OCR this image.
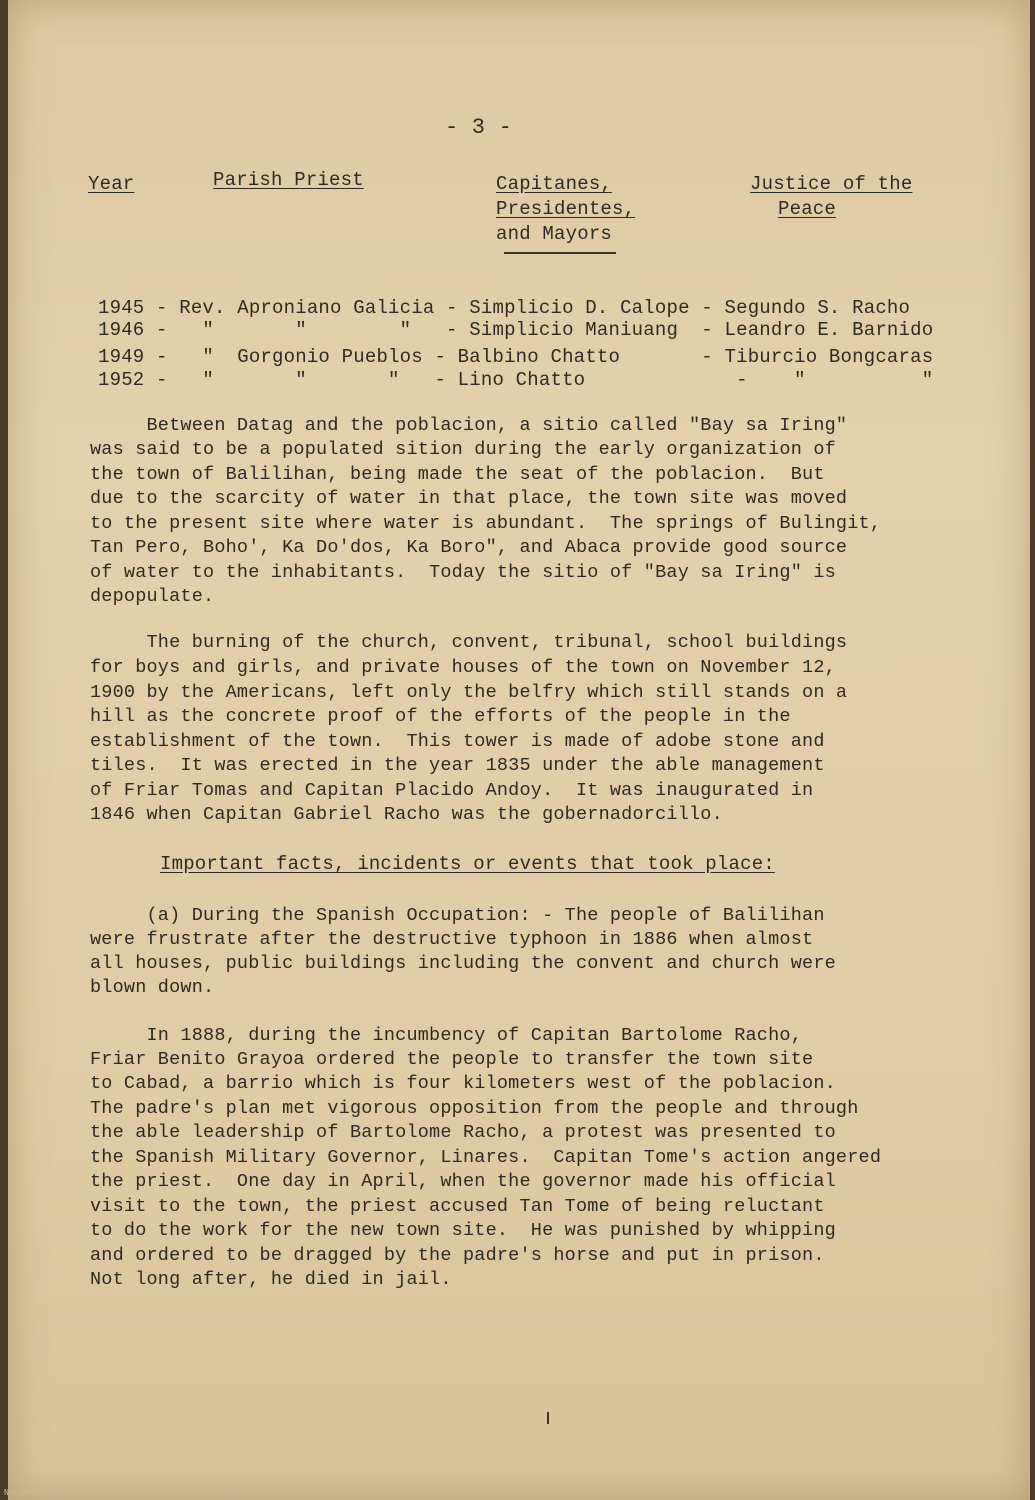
- 3 -
Year	Parish Priest	Capitanes,
Presidentes,
and Mayors
Justice of the
Peace
1945 - Rev. Aproniano Galicia - Simplicio D. Calope - Segundo S. Racho
1946 -   "       "        "   - Simplicio Maniuang  - Leandro E. Barnido
1949 -   "  Gorgonio Pueblos - Balbino Chatto       - Tiburcio Bongcaras
1952 -   "       "       "   - Lino Chatto             -    "          "
Between Datag and the poblacion, a sitio called "Bay sa Iring"
was said to be a populated sition during the early organization of
the town of Balilihan, being made the seat of the poblacion.  But
due to the scarcity of water in that place, the town site was moved
to the present site where water is abundant.  The springs of Bulingit,
Tan Pero, Boho', Ka Do'dos, Ka Boro", and Abaca provide good source
of water to the inhabitants.  Today the sitio of "Bay sa Iring" is
depopulate.
The burning of the church, convent, tribunal, school buildings
for boys and girls, and private houses of the town on November 12,
1900 by the Americans, left only the belfry which still stands on a
hill as the concrete proof of the efforts of the people in the
establishment of the town.  This tower is made of adobe stone and
tiles.  It was erected in the year 1835 under the able management
of Friar Tomas and Capitan Placido Andoy.  It was inaugurated in
1846 when Capitan Gabriel Racho was the gobernadorcillo.
Important facts, incidents or events that took place:
(a) During the Spanish Occupation: - The people of Balilihan
were frustrate after the destructive typhoon in 1886 when almost
all houses, public buildings including the convent and church were
blown down.
In 1888, during the incumbency of Capitan Bartolome Racho,
Friar Benito Grayoa ordered the people to transfer the town site
to Cabad, a barrio which is four kilometers west of the poblacion.
The padre's plan met vigorous opposition from the people and through
the able leadership of Bartolome Racho, a protest was presented to
the Spanish Military Governor, Linares.  Capitan Tome's action angered
the priest.  One day in April, when the governor made his official
visit to the town, the priest accused Tan Tome of being reluctant
to do the work for the new town site.  He was punished by whipping
and ordered to be dragged by the padre's horse and put in prison.
Not long after, he died in jail.
National Library of the Philippines HLPBNHBDLB8S0007 t18
